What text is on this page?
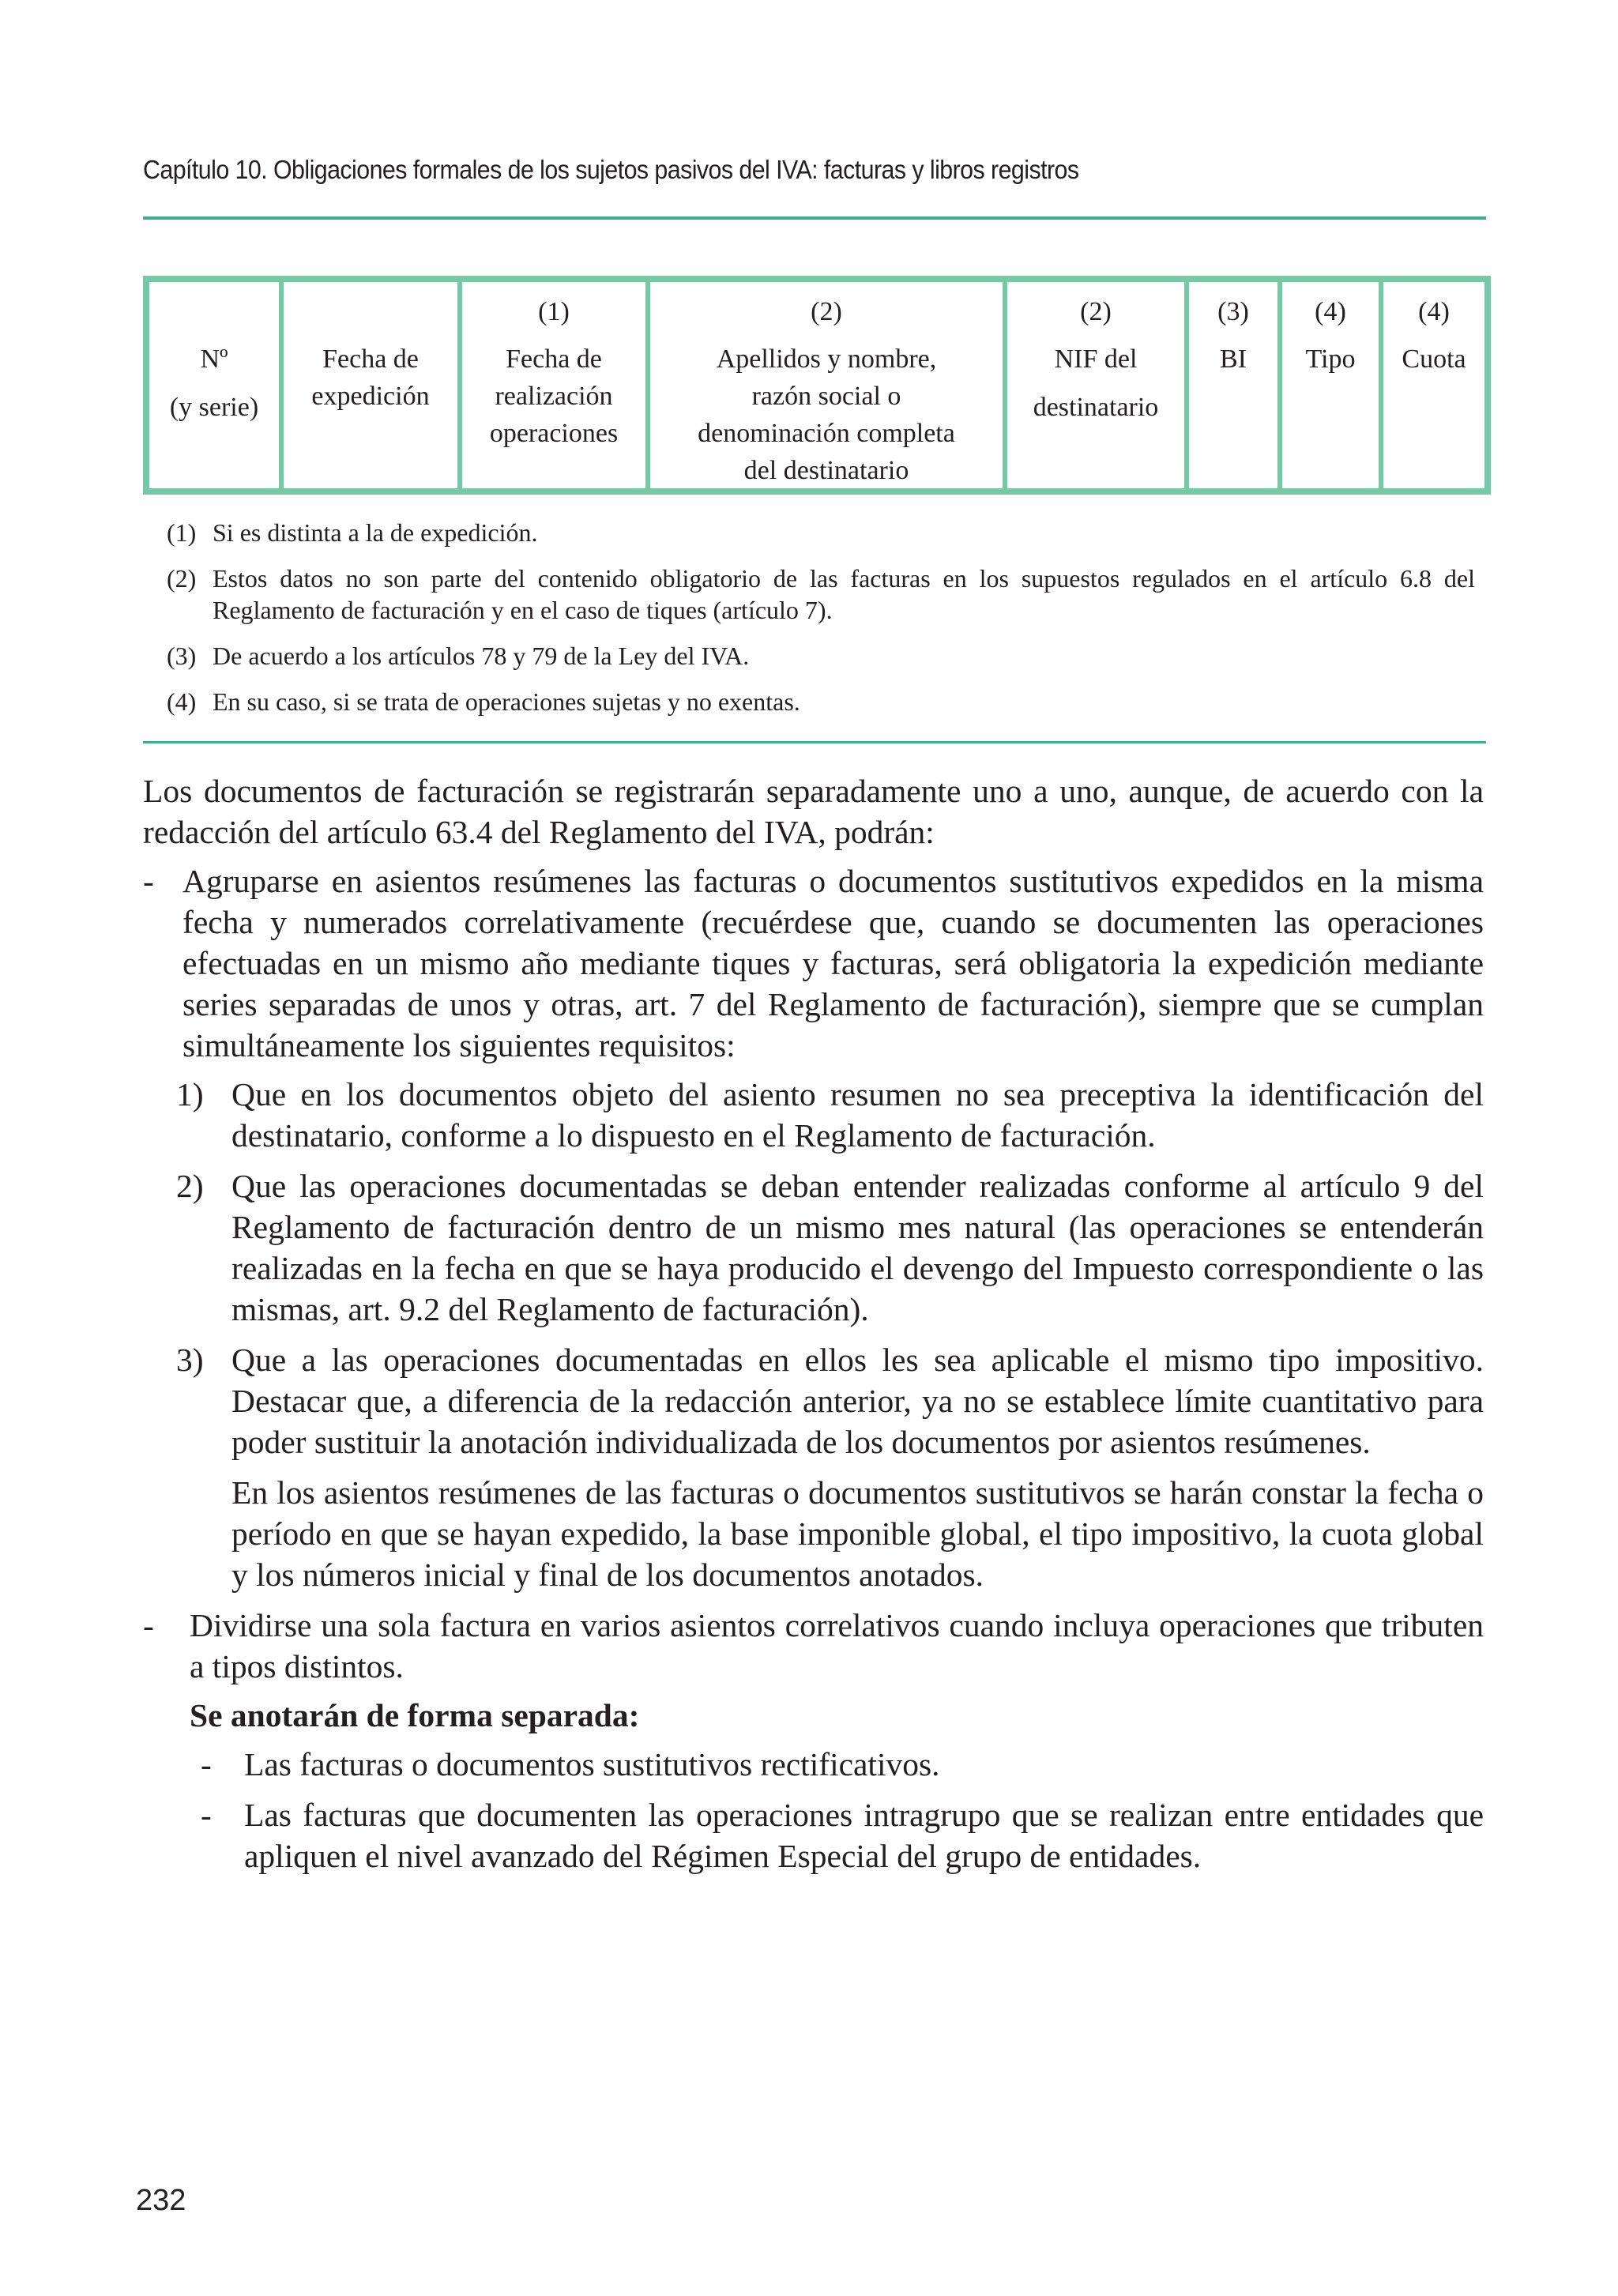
Capítulo 10. Obligaciones formales de los sujetos pasivos del IVA: facturas y libros registros
Nº
(y serie)
Fecha de
expedición
(1)
Fecha de
realización
operaciones
(2)
Apellidos y nombre,
razón social o
denominación completa
del destinatario
(2)
NIF del
destinatario
(3)
BI
(4)
Tipo
(4)
Cuota
(1) Si es distinta a la de expedición.
(2) Estos datos no son parte del contenido obligatorio de las facturas en los supuestos regulados en el artículo 6.8 del Reglamento de facturación y en el caso de tiques (artículo 7).
(3) De acuerdo a los artículos 78 y 79 de la Ley del IVA.
(4) En su caso, si se trata de operaciones sujetas y no exentas.

Los documentos de facturación se registrarán separadamente uno a uno, aunque, de acuerdo con la redacción del artículo 63.4 del Reglamento del IVA, podrán:

- Agruparse en asientos resúmenes las facturas o documentos sustitutivos expedidos en la misma fecha y numerados correlativamente (recuérdese que, cuando se documenten las operaciones efectuadas en un mismo año mediante tiques y facturas, será obligatoria la expedición mediante series separadas de unos y otras, art. 7 del Reglamento de facturación), siempre que se cumplan simultáneamente los siguientes requisitos:
1) Que en los documentos objeto del asiento resumen no sea preceptiva la identificación del destinatario, conforme a lo dispuesto en el Reglamento de facturación.
2) Que las operaciones documentadas se deban entender realizadas conforme al artículo 9 del Reglamento de facturación dentro de un mismo mes natural (las operaciones se entenderán realizadas en la fecha en que se haya producido el devengo del Impuesto correspondiente o las mismas, art. 9.2 del Reglamento de facturación).
3) Que a las operaciones documentadas en ellos les sea aplicable el mismo tipo impositivo. Destacar que, a diferencia de la redacción anterior, ya no se establece límite cuantitativo para poder sustituir la anotación individualizada de los documentos por asientos resúmenes.
En los asientos resúmenes de las facturas o documentos sustitutivos se harán constar la fecha o período en que se hayan expedido, la base imponible global, el tipo impositivo, la cuota global y los números inicial y final de los documentos anotados.
-	Dividirse una sola factura en varios asientos correlativos cuando incluya operaciones que tributen a tipos distintos.
Se anotarán de forma separada:
- Las facturas o documentos sustitutivos rectificativos.
- Las facturas que documenten las operaciones intragrupo que se realizan entre entidades que apliquen el nivel avanzado del Régimen Especial del grupo de entidades.
232
